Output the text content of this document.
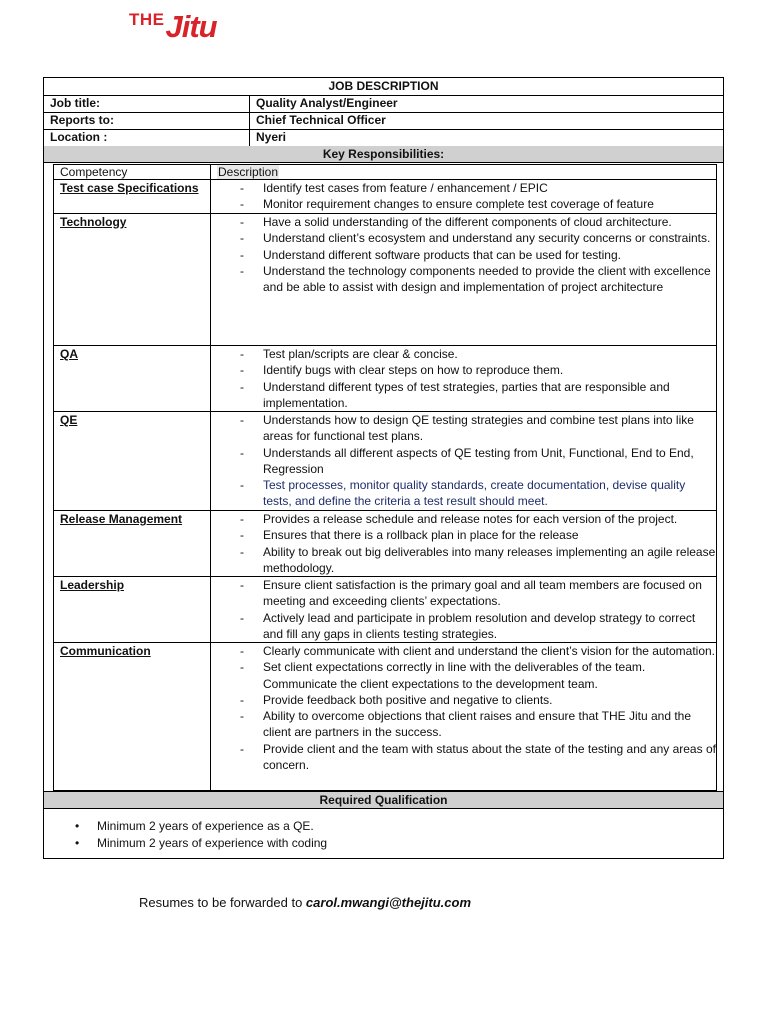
THE Jitu
JOB DESCRIPTION
Job title:	Quality Analyst/Engineer
Reports to:	Chief Technical Officer
Location :	Nyeri
Key Responsibilities:
Competency	Description
Test case Specifications	- Identify test cases from feature / enhancement / EPIC
- Monitor requirement changes to ensure complete test coverage of feature
Technology	- Have a solid understanding of the different components of cloud architecture.
- Understand client’s ecosystem and understand any security concerns or constraints.
- Understand different software products that can be used for testing.
- Understand the technology components needed to provide the client with excellence and be able to assist with design and implementation of project architecture
QA	- Test plan/scripts are clear & concise.
- Identify bugs with clear steps on how to reproduce them.
- Understand different types of test strategies, parties that are responsible and implementation.
QE	- Understands how to design QE testing strategies and combine test plans into like areas for functional test plans.
- Understands all different aspects of QE testing from Unit, Functional, End to End, Regression
- Test processes, monitor quality standards, create documentation, devise quality tests, and define the criteria a test result should meet.
Release Management	- Provides a release schedule and release notes for each version of the project.
- Ensures that there is a rollback plan in place for the release
- Ability to break out big deliverables into many releases implementing an agile release methodology.
Leadership	- Ensure client satisfaction is the primary goal and all team members are focused on meeting and exceeding clients’ expectations.
- Actively lead and participate in problem resolution and develop strategy to correct and fill any gaps in clients testing strategies.
Communication	- Clearly communicate with client and understand the client’s vision for the automation.
- Set client expectations correctly in line with the deliverables of the team. Communicate the client expectations to the development team.
- Provide feedback both positive and negative to clients.
- Ability to overcome objections that client raises and ensure that THE Jitu and the client are partners in the success.
- Provide client and the team with status about the state of the testing and any areas of concern.
Required Qualification
• Minimum 2 years of experience as a QE.
• Minimum 2 years of experience with coding
Resumes to be forwarded to carol.mwangi@thejitu.com
